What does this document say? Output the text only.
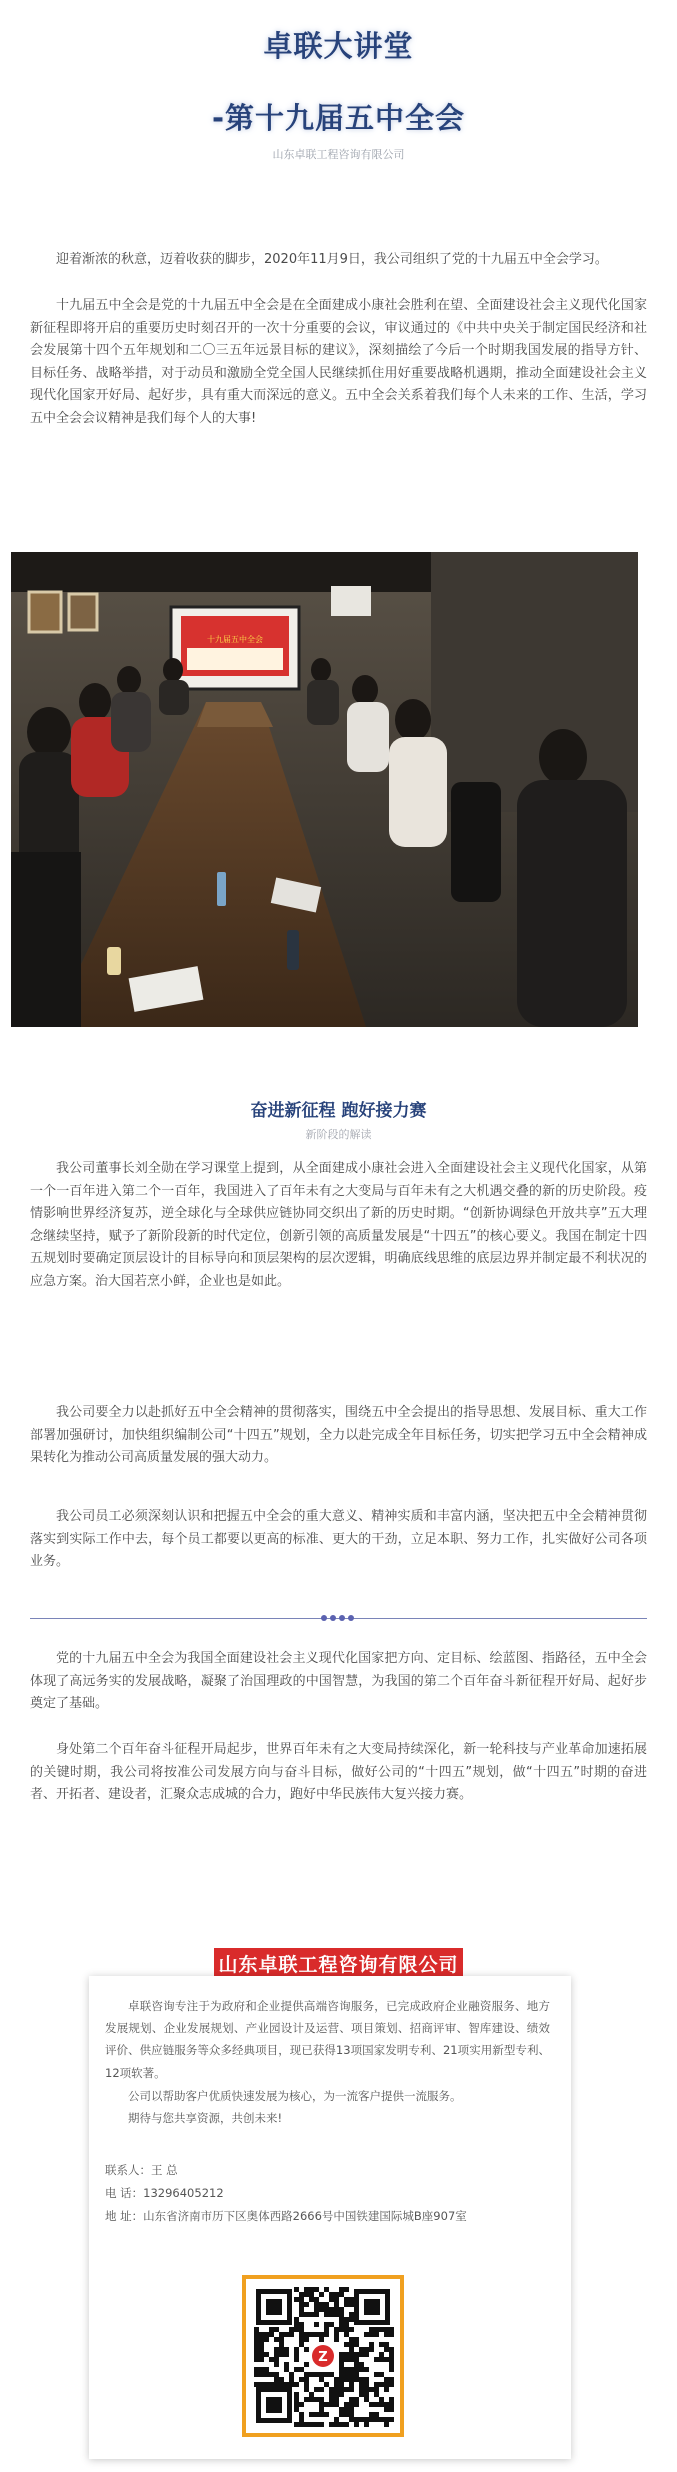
卓联大讲堂
-第十九届五中全会
山东卓联工程咨询有限公司

迎着渐浓的秋意，迈着收获的脚步，2020年11月9日，我公司组织了党的十九届五中全会学习。

十九届五中全会是党的十九届五中全会是在全面建成小康社会胜利在望、全面建设社会主义现代化国家新征程即将开启的重要历史时刻召开的一次十分重要的会议，审议通过的《中共中央关于制定国民经济和社会发展第十四个五年规划和二〇三五年远景目标的建议》，深刻描绘了今后一个时期我国发展的指导方针、目标任务、战略举措，对于动员和激励全党全国人民继续抓住用好重要战略机遇期，推动全面建设社会主义现代化国家开好局、起好步，具有重大而深远的意义。五中全会关系着我们每个人未来的工作、生活，学习五中全会会议精神是我们每个人的大事!

十九届五中全会
奋进新征程 跑好接力赛
新阶段的解读

我公司董事长刘全勋在学习课堂上提到，从全面建成小康社会进入全面建设社会主义现代化国家，从第一个一百年进入第二个一百年，我国进入了百年未有之大变局与百年未有之大机遇交叠的新的历史阶段。疫情影响世界经济复苏，逆全球化与全球供应链协同交织出了新的历史时期。“创新协调绿色开放共享”五大理念继续坚持，赋予了新阶段新的时代定位，创新引领的高质量发展是“十四五”的核心要义。我国在制定十四五规划时要确定顶层设计的目标导向和顶层架构的层次逻辑，明确底线思维的底层边界并制定最不利状况的应急方案。治大国若烹小鲜，企业也是如此。

我公司要全力以赴抓好五中全会精神的贯彻落实，围绕五中全会提出的指导思想、发展目标、重大工作部署加强研讨，加快组织编制公司“十四五”规划，全力以赴完成全年目标任务，切实把学习五中全会精神成果转化为推动公司高质量发展的强大动力。

我公司员工必须深刻认识和把握五中全会的重大意义、精神实质和丰富内涵，坚决把五中全会精神贯彻落实到实际工作中去，每个员工都要以更高的标准、更大的干劲，立足本职、努力工作，扎实做好公司各项业务。

党的十九届五中全会为我国全面建设社会主义现代化国家把方向、定目标、绘蓝图、指路径，五中全会体现了高远务实的发展战略，凝聚了治国理政的中国智慧，为我国的第二个百年奋斗新征程开好局、起好步奠定了基础。

身处第二个百年奋斗征程开局起步，世界百年未有之大变局持续深化，新一轮科技与产业革命加速拓展的关键时期，我公司将按准公司发展方向与奋斗目标，做好公司的“十四五”规划，做“十四五”时期的奋进者、开拓者、建设者，汇聚众志成城的合力，跑好中华民族伟大复兴接力赛。

山东卓联工程咨询有限公司

卓联咨询专注于为政府和企业提供高端咨询服务，已完成政府企业融资服务、地方发展规划、企业发展规划、产业园设计及运营、项目策划、招商评审、智库建设、绩效评价、供应链服务等众多经典项目，现已获得13项国家发明专利、21项实用新型专利、12项软著。

公司以帮助客户优质快速发展为核心，为一流客户提供一流服务。

期待与您共享资源，共创未来!

联系人：王 总
电 话：13296405212
地 址：山东省济南市历下区奥体西路2666号中国铁建国际城B座907室
Z
